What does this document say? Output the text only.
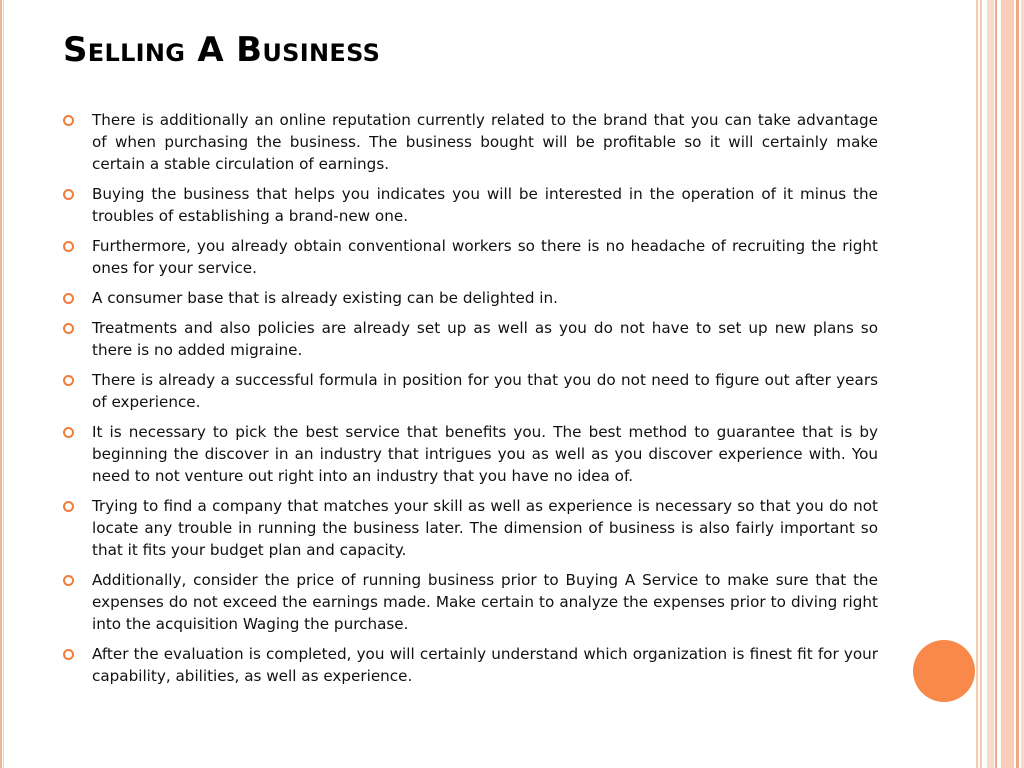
Selling A Business
There is additionally an online reputation currently related to the brand that you can take advantage of when purchasing the business. The business bought will be profitable so it will certainly make certain a stable circulation of earnings.
Buying the business that helps you indicates you will be interested in the operation of it minus the troubles of establishing a brand-new one.
Furthermore, you already obtain conventional workers so there is no headache of recruiting the right ones for your service.
A consumer base that is already existing can be delighted in.
Treatments and also policies are already set up as well as you do not have to set up new plans so there is no added migraine.
There is already a successful formula in position for you that you do not need to figure out after years of experience.
It is necessary to pick the best service that benefits you. The best method to guarantee that is by beginning the discover in an industry that intrigues you as well as you discover experience with. You need to not venture out right into an industry that you have no idea of.
Trying to find a company that matches your skill as well as experience is necessary so that you do not locate any trouble in running the business later. The dimension of business is also fairly important so that it fits your budget plan and capacity.
Additionally, consider the price of running business prior to Buying A Service to make sure that the expenses do not exceed the earnings made. Make certain to analyze the expenses prior to diving right into the acquisition Waging the purchase.
After the evaluation is completed, you will certainly understand which organization is finest fit for your capability, abilities, as well as experience.
